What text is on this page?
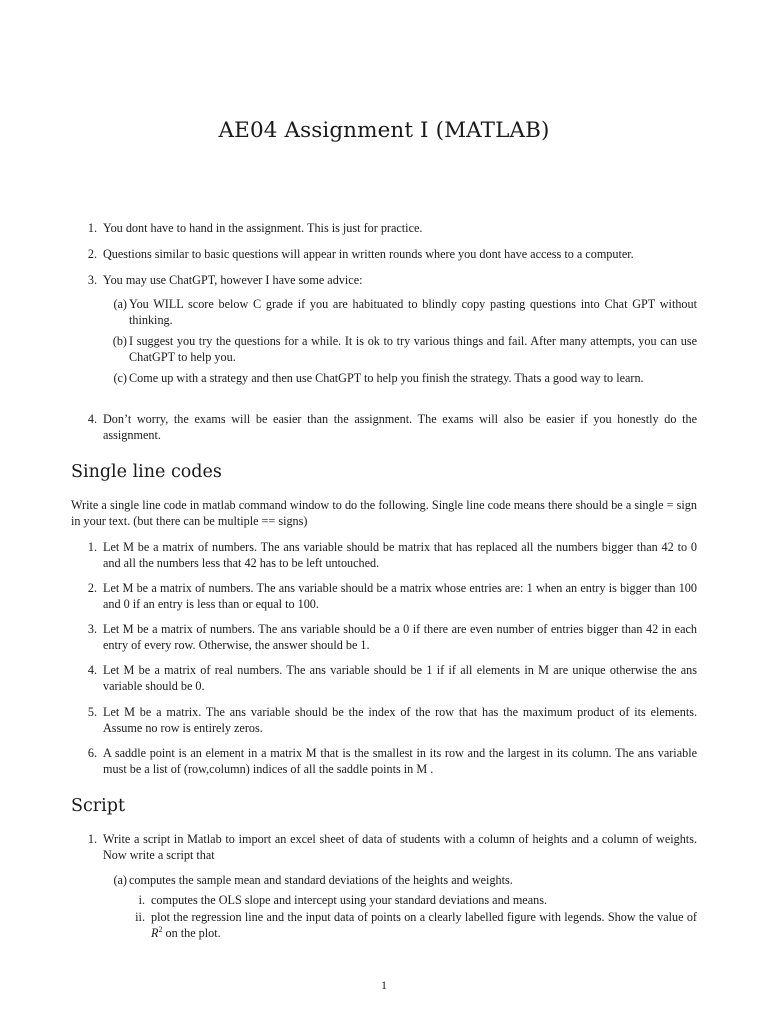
AE04 Assignment I (MATLAB)
1. You dont have to hand in the assignment. This is just for practice.
2. Questions similar to basic questions will appear in written rounds where you dont have access to a computer.
3. You may use ChatGPT, however I have some advice:
(a) You WILL score below C grade if you are habituated to blindly copy pasting questions into Chat GPT without thinking.
(b) I suggest you try the questions for a while. It is ok to try various things and fail. After many attempts, you can use ChatGPT to help you.
(c) Come up with a strategy and then use ChatGPT to help you finish the strategy. Thats a good way to learn.
4. Don’t worry, the exams will be easier than the assignment. The exams will also be easier if you honestly do the assignment.
Single line codes
Write a single line code in matlab command window to do the following. Single line code means there should be a single = sign in your text. (but there can be multiple == signs)
1. Let M be a matrix of numbers. The ans variable should be matrix that has replaced all the numbers bigger than 42 to 0 and all the numbers less that 42 has to be left untouched.
2. Let M be a matrix of numbers. The ans variable should be a matrix whose entries are: 1 when an entry is bigger than 100 and 0 if an entry is less than or equal to 100.
3. Let M be a matrix of numbers. The ans variable should be a 0 if there are even number of entries bigger than 42 in each entry of every row. Otherwise, the answer should be 1.
4. Let M be a matrix of real numbers. The ans variable should be 1 if if all elements in M are unique otherwise the ans variable should be 0.
5. Let M be a matrix. The ans variable should be the index of the row that has the maximum product of its elements. Assume no row is entirely zeros.
6. A saddle point is an element in a matrix M that is the smallest in its row and the largest in its column. The ans variable must be a list of (row,column) indices of all the saddle points in M .
Script
1. Write a script in Matlab to import an excel sheet of data of students with a column of heights and a column of weights. Now write a script that
(a) computes the sample mean and standard deviations of the heights and weights.
i. computes the OLS slope and intercept using your standard deviations and means.
ii. plot the regression line and the input data of points on a clearly labelled figure with legends. Show the value of $R^2$ on the plot.
1
